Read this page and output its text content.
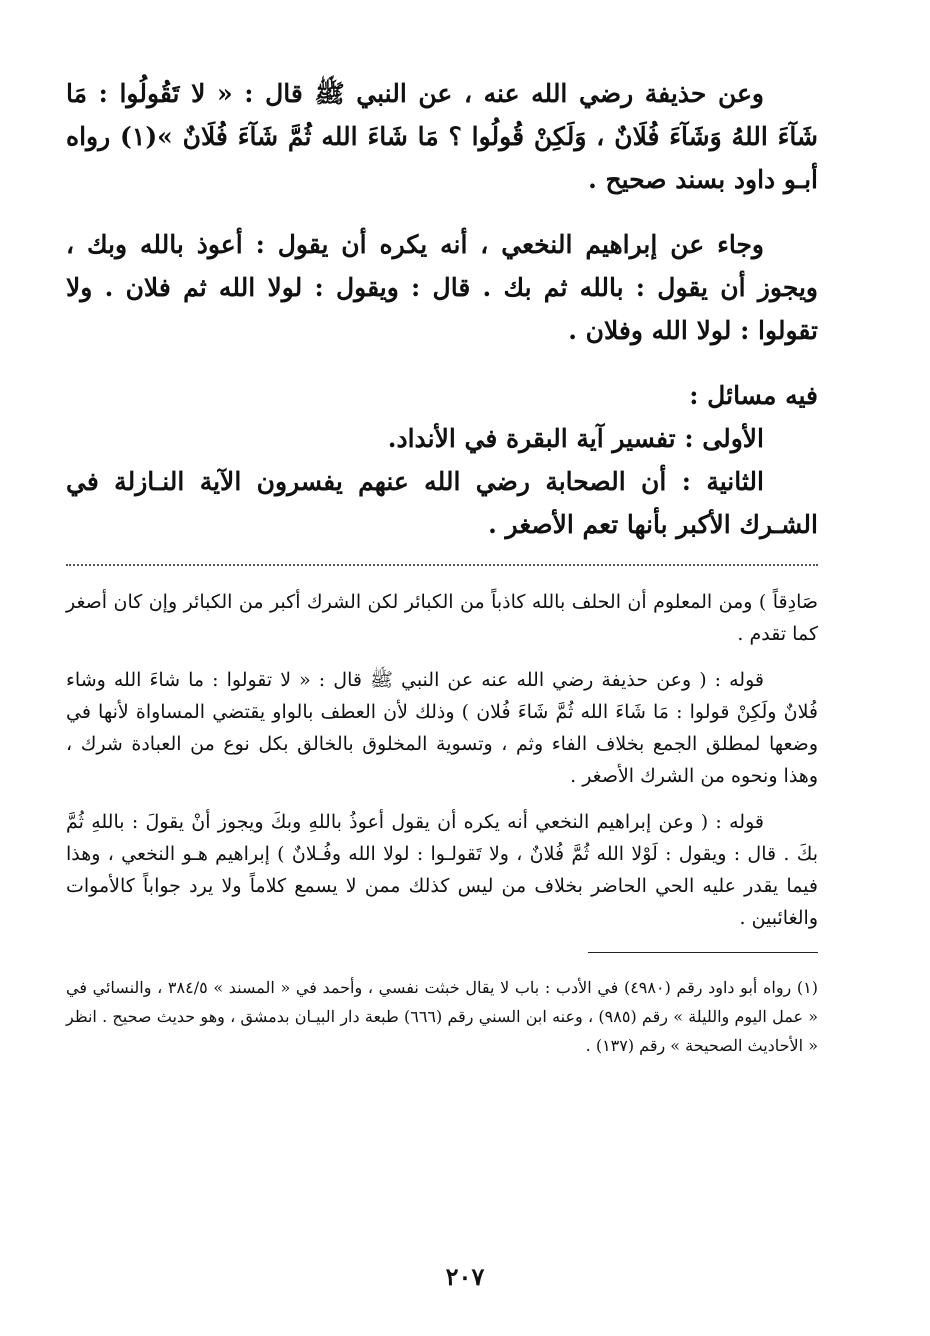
وعن حذيفة رضي الله عنه ، عن النبي ﷺ قال : « لا تَقُولُوا : مَا شَآءَ اللهُ وَشَآءَ فُلَانٌ ، وَلَكِنْ قُولُوا ؟ مَا شَاءَ الله ثُمَّ شَآءَ فُلَانٌ »(١) رواه أبـو داود بسند صحيح .

وجاء عن إبراهيم النخعي ، أنه يكره أن يقول : أعوذ بالله وبك ، ويجوز أن يقول : بالله ثم بك . قال : ويقول : لولا الله ثم فلان . ولا تقولوا : لولا الله وفلان .

فيه مسائل :

الأولى : تفسير آية البقرة في الأنداد.

الثانية : أن الصحابة رضي الله عنهم يفسرون الآية النـازلة في الشـرك الأكبر بأنها تعم الأصغر .

صَادِقاً ) ومن المعلوم أن الحلف بالله كاذباً من الكبائر لكن الشرك أكبر من الكبائر وإن كان أصغر كما تقدم .

قوله : ( وعن حذيفة رضي الله عنه عن النبي ﷺ قال : « لا تقولوا : ما شاءَ الله وشاء فُلانٌ ولَكِنْ قولوا : مَا شَاءَ الله ثُمَّ شَاءَ فُلان ) وذلك لأن العطف بالواو يقتضي المساواة لأنها في وضعها لمطلق الجمع بخلاف الفاء وثم ، وتسوية المخلوق بالخالق بكل نوع من العبادة شرك ، وهذا ونحوه من الشرك الأصغر .

قوله : ( وعن إبراهيم النخعي أنه يكره أن يقول أعوذُ باللهِ وبكَ ويجوز أنْ يقولَ : باللهِ ثُمَّ بكَ . قال : ويقول : لَوْلا الله ثُمَّ فُلانٌ ، ولا تَقولـوا : لولا الله وفُـلانٌ ) إبراهيم هـو النخعي ، وهذا فيما يقدر عليه الحي الحاضر بخلاف من ليس كذلك ممن لا يسمع كلاماً ولا يرد جواباً كالأموات والغائبين .

(١) رواه أبو داود رقم (٤٩٨٠) في الأدب : باب لا يقال خبثت نفسي ، وأحمد في « المسند » ٣٨٤/٥ ، والنسائي في « عمل اليوم والليلة » رقم (٩٨٥) ، وعنه ابن السني رقم (٦٦٦) طبعة دار البيـان بدمشق ، وهو حديث صحيح . انظر « الأحاديث الصحيحة » رقم (١٣٧) .

٢٠٧
